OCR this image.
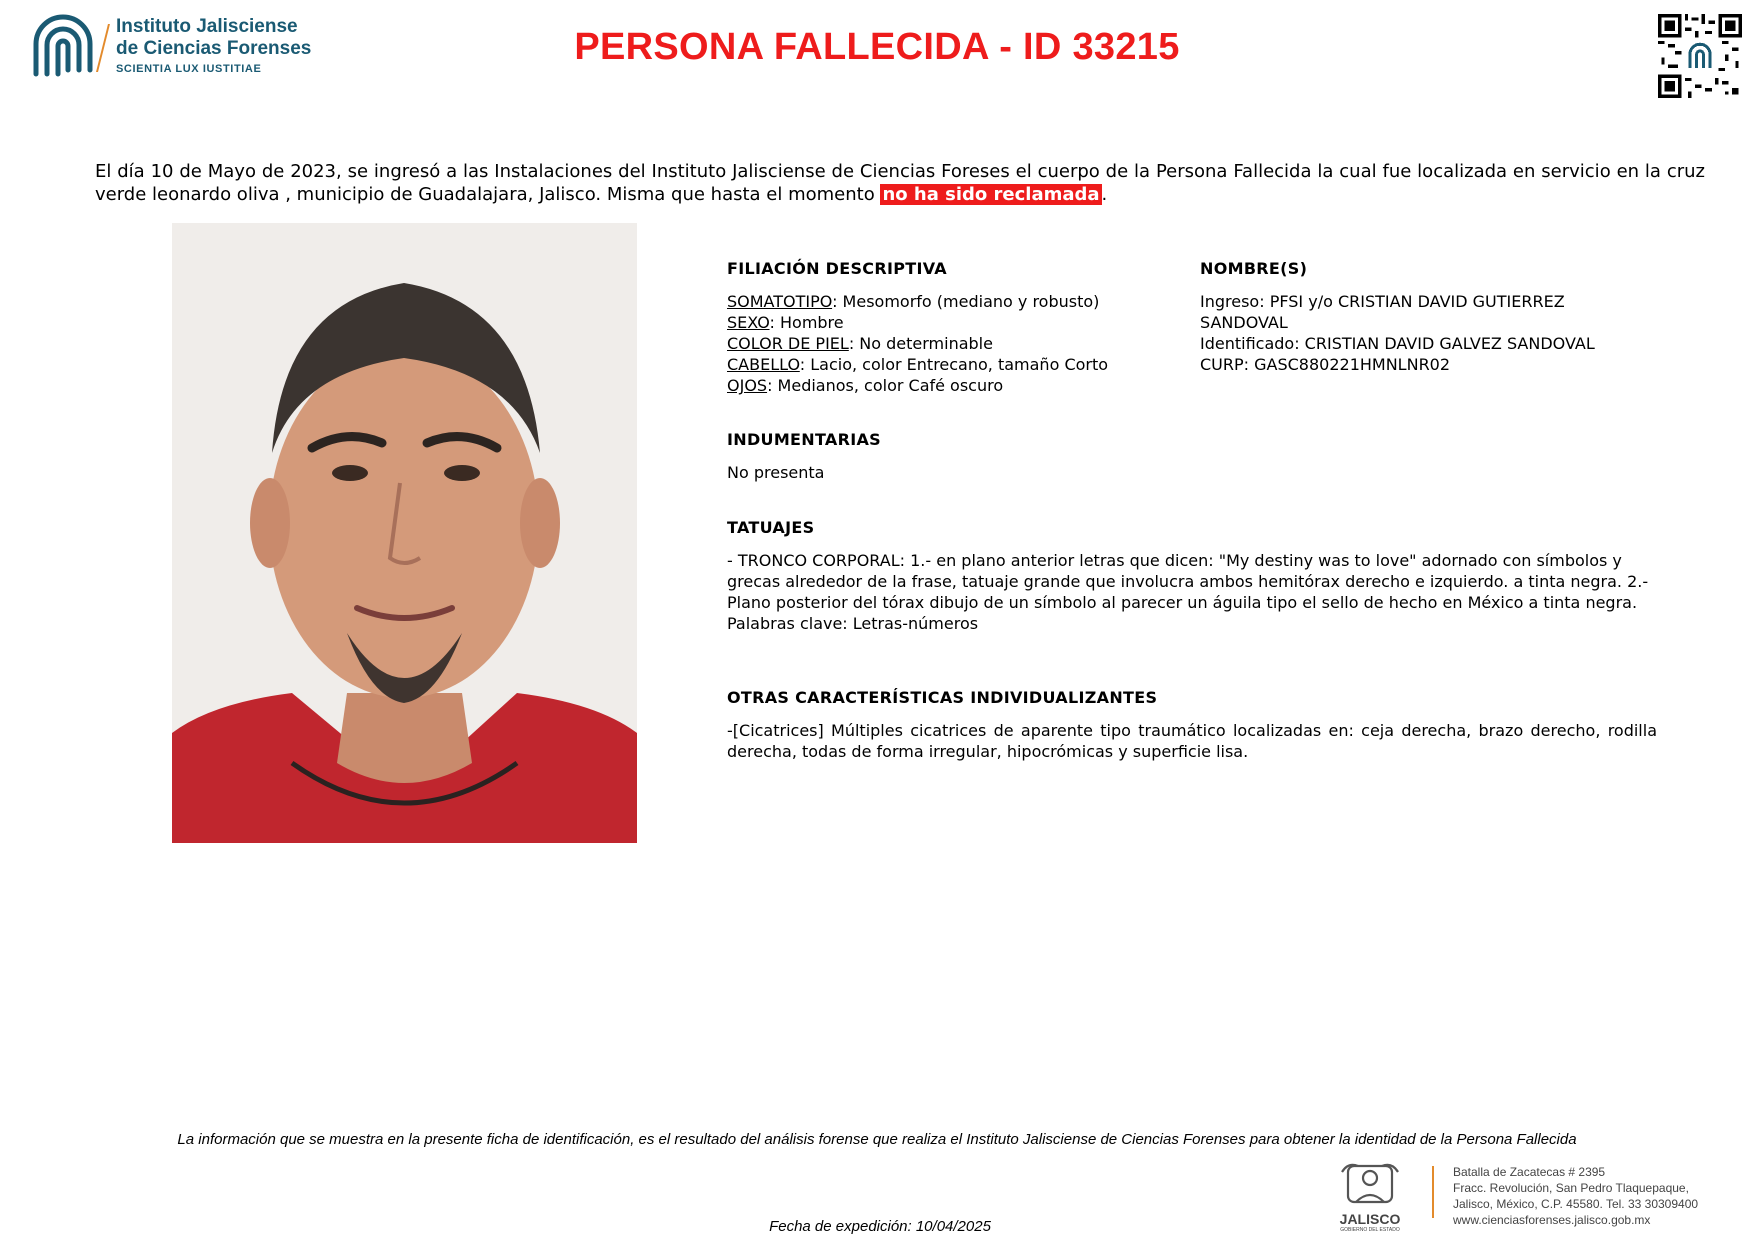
Instituto Jalisciense
de Ciencias Forenses
SCIENTIA LUX IUSTITIAE
PERSONA FALLECIDA - ID 33215
El día 10 de Mayo de 2023, se ingresó a las Instalaciones del Instituto Jalisciense de Ciencias Foreses el cuerpo de la Persona Fallecida la cual fue localizada en servicio en la cruz verde leonardo oliva , municipio de Guadalajara, Jalisco. Misma que hasta el momento no ha sido reclamada .
FILIACIÓN DESCRIPTIVA

SOMATOTIPO: Mesomorfo (mediano y robusto)

SEXO: Hombre

COLOR DE PIEL: No determinable

CABELLO: Lacio, color Entrecano, tamaño Corto

OJOS: Medianos, color Café oscuro

NOMBRE(S)

Ingreso: PFSI y/o CRISTIAN DAVID GUTIERREZ SANDOVAL

Identificado: CRISTIAN DAVID GALVEZ SANDOVAL

CURP: GASC880221HMNLNR02

INDUMENTARIAS

No presenta

TATUAJES

- TRONCO CORPORAL: 1.- en plano anterior letras que dicen: "My destiny was to love" adornado con símbolos y grecas alrededor de la frase, tatuaje grande que involucra ambos hemitórax derecho e izquierdo. a tinta negra. 2.- Plano posterior del tórax dibujo de un símbolo al parecer un águila tipo el sello de hecho en México a tinta negra.

Palabras clave: Letras-números

OTRAS CARACTERÍSTICAS INDIVIDUALIZANTES

-[Cicatrices] Múltiples cicatrices de aparente tipo traumático localizadas en: ceja derecha, brazo derecho, rodilla derecha, todas de forma irregular, hipocrómicas y superficie lisa.

La información que se muestra en la presente ficha de identificación, es el resultado del análisis forense que realiza el Instituto Jalisciense de Ciencias Forenses para obtener la identidad de la Persona Fallecida
JALISCO
GOBIERNO DEL ESTADO
Batalla de Zacatecas # 2395
Fracc. Revolución, San Pedro Tlaquepaque,
Jalisco, México, C.P. 45580. Tel. 33 30309400
www.cienciasforenses.jalisco.gob.mx
Fecha de expedición: 10/04/2025
